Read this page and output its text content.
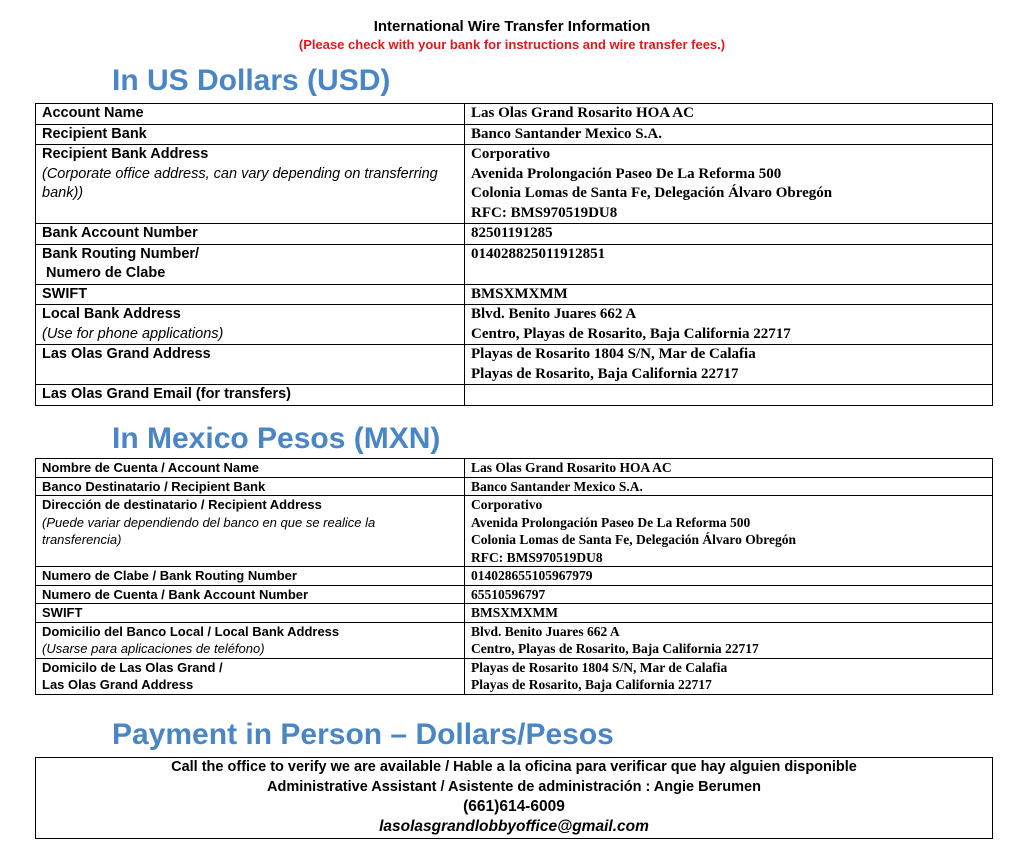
International Wire Transfer Information
(Please check with your bank for instructions and wire transfer fees.)
In US Dollars (USD)
Account Name	Las Olas Grand Rosarito HOA AC

Recipient Bank	Banco Santander Mexico S.A.

Recipient Bank Address
(Corporate office address, can vary depending on transferring bank))	Corporativo
Avenida Prolongación Paseo De La Reforma 500
Colonia Lomas de Santa Fe, Delegación Álvaro Obregón
RFC: BMS970519DU8

Bank Account Number	82501191285

Bank Routing Number/
Numero de Clabe	014028825011912851

SWIFT	BMSXMXMM

Local Bank Address
(Use for phone applications)	Blvd. Benito Juares 662 A
Centro, Playas de Rosarito, Baja California 22717

Las Olas Grand Address	Playas de Rosarito 1804 S/N, Mar de Calafia
Playas de Rosarito, Baja California 22717

Las Olas Grand Email (for transfers)	

In Mexico Pesos (MXN)
Nombre de Cuenta / Account Name	Las Olas Grand Rosarito HOA AC

Banco Destinatario / Recipient Bank	Banco Santander Mexico S.A.

Dirección de destinatario / Recipient Address
(Puede variar dependiendo del banco en que se realice la transferencia)	Corporativo
Avenida Prolongación Paseo De La Reforma 500
Colonia Lomas de Santa Fe, Delegación Álvaro Obregón
RFC: BMS970519DU8

Numero de Clabe / Bank Routing Number	014028655105967979

Numero de Cuenta / Bank Account Number	65510596797

SWIFT	BMSXMXMM

Domicilio del Banco Local / Local Bank Address
(Usarse para aplicaciones de teléfono)	Blvd. Benito Juares 662 A
Centro, Playas de Rosarito, Baja California 22717

Domicilo de Las Olas Grand /
Las Olas Grand Address	Playas de Rosarito 1804 S/N, Mar de Calafia
Playas de Rosarito, Baja California 22717
Payment in Person – Dollars/Pesos
Call the office to verify we are available / Hable a la oficina para verificar que hay alguien disponible
Administrative Assistant / Asistente de administración : Angie Berumen
(661)614-6009
lasolasgrandlobbyoffice@gmail.com
